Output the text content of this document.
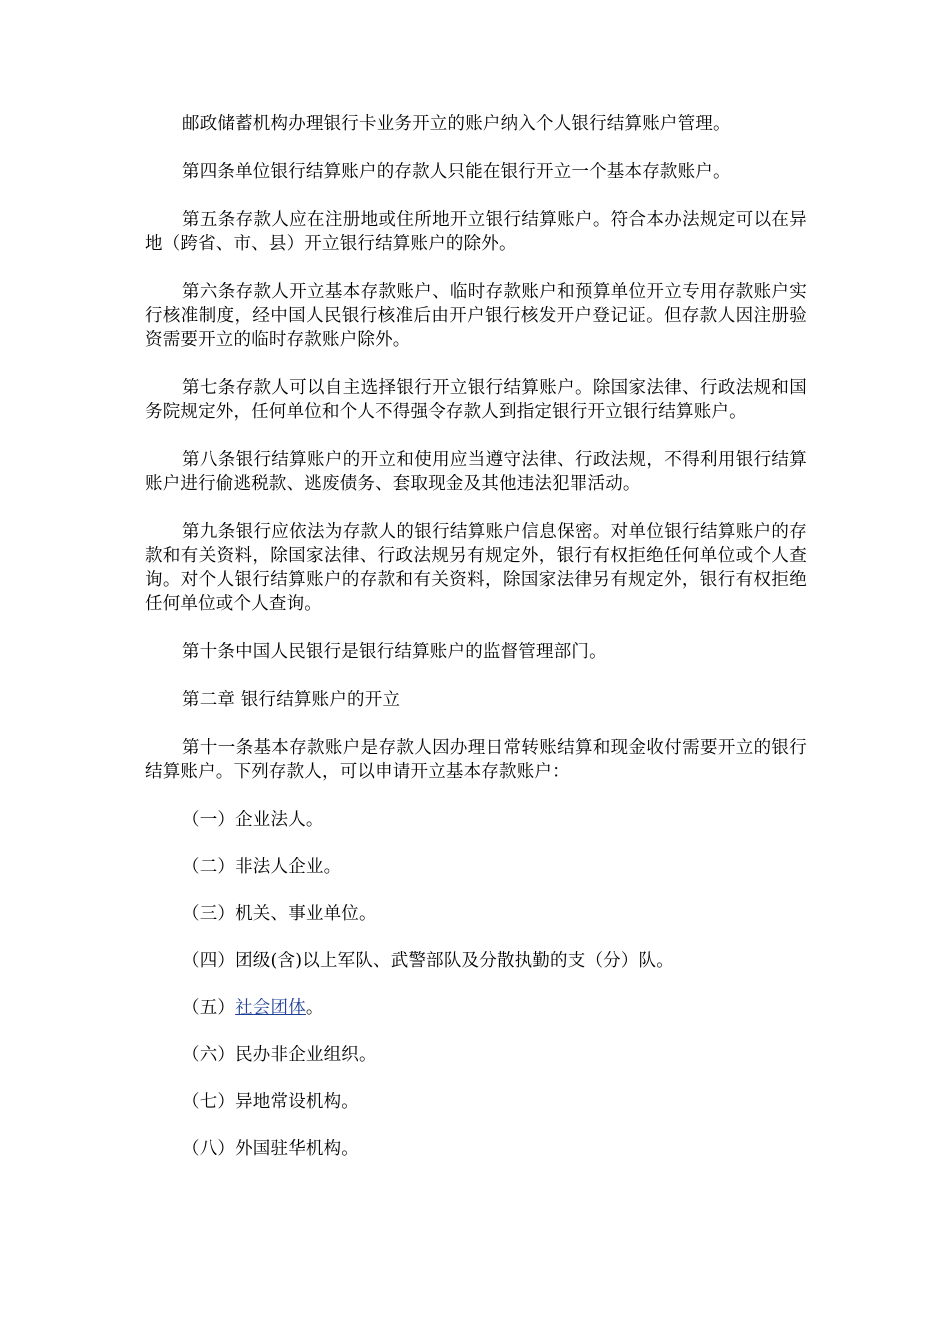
邮政储蓄机构办理银行卡业务开立的账户纳入个人银行结算账户管理。

第四条单位银行结算账户的存款人只能在银行开立一个基本存款账户。

第五条存款人应在注册地或住所地开立银行结算账户。符合本办法规定可以在异地（跨省、市、县）开立银行结算账户的除外。

第六条存款人开立基本存款账户、临时存款账户和预算单位开立专用存款账户实行核准制度，经中国人民银行核准后由开户银行核发开户登记证。但存款人因注册验资需要开立的临时存款账户除外。

第七条存款人可以自主选择银行开立银行结算账户。除国家法律、行政法规和国务院规定外，任何单位和个人不得强令存款人到指定银行开立银行结算账户。

第八条银行结算账户的开立和使用应当遵守法律、行政法规，不得利用银行结算账户进行偷逃税款、逃废债务、套取现金及其他违法犯罪活动。

第九条银行应依法为存款人的银行结算账户信息保密。对单位银行结算账户的存款和有关资料，除国家法律、行政法规另有规定外，银行有权拒绝任何单位或个人查询。对个人银行结算账户的存款和有关资料，除国家法律另有规定外，银行有权拒绝任何单位或个人查询。

第十条中国人民银行是银行结算账户的监督管理部门。

第二章 银行结算账户的开立

第十一条基本存款账户是存款人因办理日常转账结算和现金收付需要开立的银行结算账户。下列存款人，可以申请开立基本存款账户：

（一）企业法人。

（二）非法人企业。

（三）机关、事业单位。

（四）团级(含)以上军队、武警部队及分散执勤的支（分）队。

（五）社会团体。

（六）民办非企业组织。

（七）异地常设机构。

（八）外国驻华机构。
